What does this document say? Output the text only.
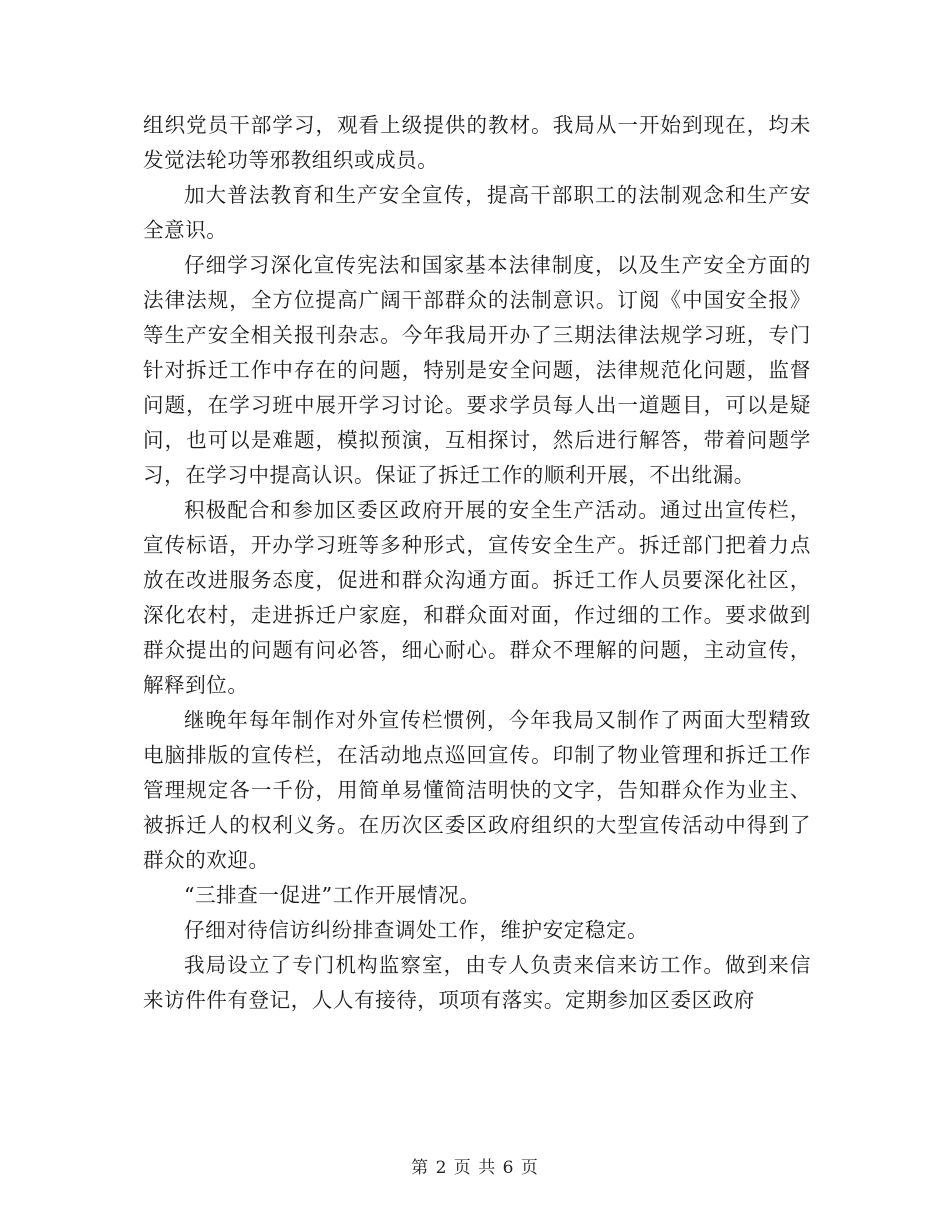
组织党员干部学习，观看上级提供的教材。我局从一开始到现在，均未发觉法轮功等邪教组织或成员。

加大普法教育和生产安全宣传，提高干部职工的法制观念和生产安全意识。

仔细学习深化宣传宪法和国家基本法律制度，以及生产安全方面的法律法规，全方位提高广阔干部群众的法制意识。订阅《中国安全报》等生产安全相关报刊杂志。今年我局开办了三期法律法规学习班，专门针对拆迁工作中存在的问题，特别是安全问题，法律规范化问题，监督问题，在学习班中展开学习讨论。要求学员每人出一道题目，可以是疑问，也可以是难题，模拟预演，互相探讨，然后进行解答，带着问题学习，在学习中提高认识。保证了拆迁工作的顺利开展，不出纰漏。

积极配合和参加区委区政府开展的安全生产活动。通过出宣传栏，宣传标语，开办学习班等多种形式，宣传安全生产。拆迁部门把着力点放在改进服务态度，促进和群众沟通方面。拆迁工作人员要深化社区，深化农村，走进拆迁户家庭，和群众面对面，作过细的工作。要求做到群众提出的问题有问必答，细心耐心。群众不理解的问题，主动宣传，解释到位。

继晚年每年制作对外宣传栏惯例，今年我局又制作了两面大型精致电脑排版的宣传栏，在活动地点巡回宣传。印制了物业管理和拆迁工作管理规定各一千份，用简单易懂简洁明快的文字，告知群众作为业主、被拆迁人的权利义务。在历次区委区政府组织的大型宣传活动中得到了群众的欢迎。

“三排查一促进”工作开展情况。

仔细对待信访纠纷排查调处工作，维护安定稳定。

我局设立了专门机构监察室，由专人负责来信来访工作。做到来信来访件件有登记，人人有接待，项项有落实。定期参加区委区政府

第 2 页 共 6 页
